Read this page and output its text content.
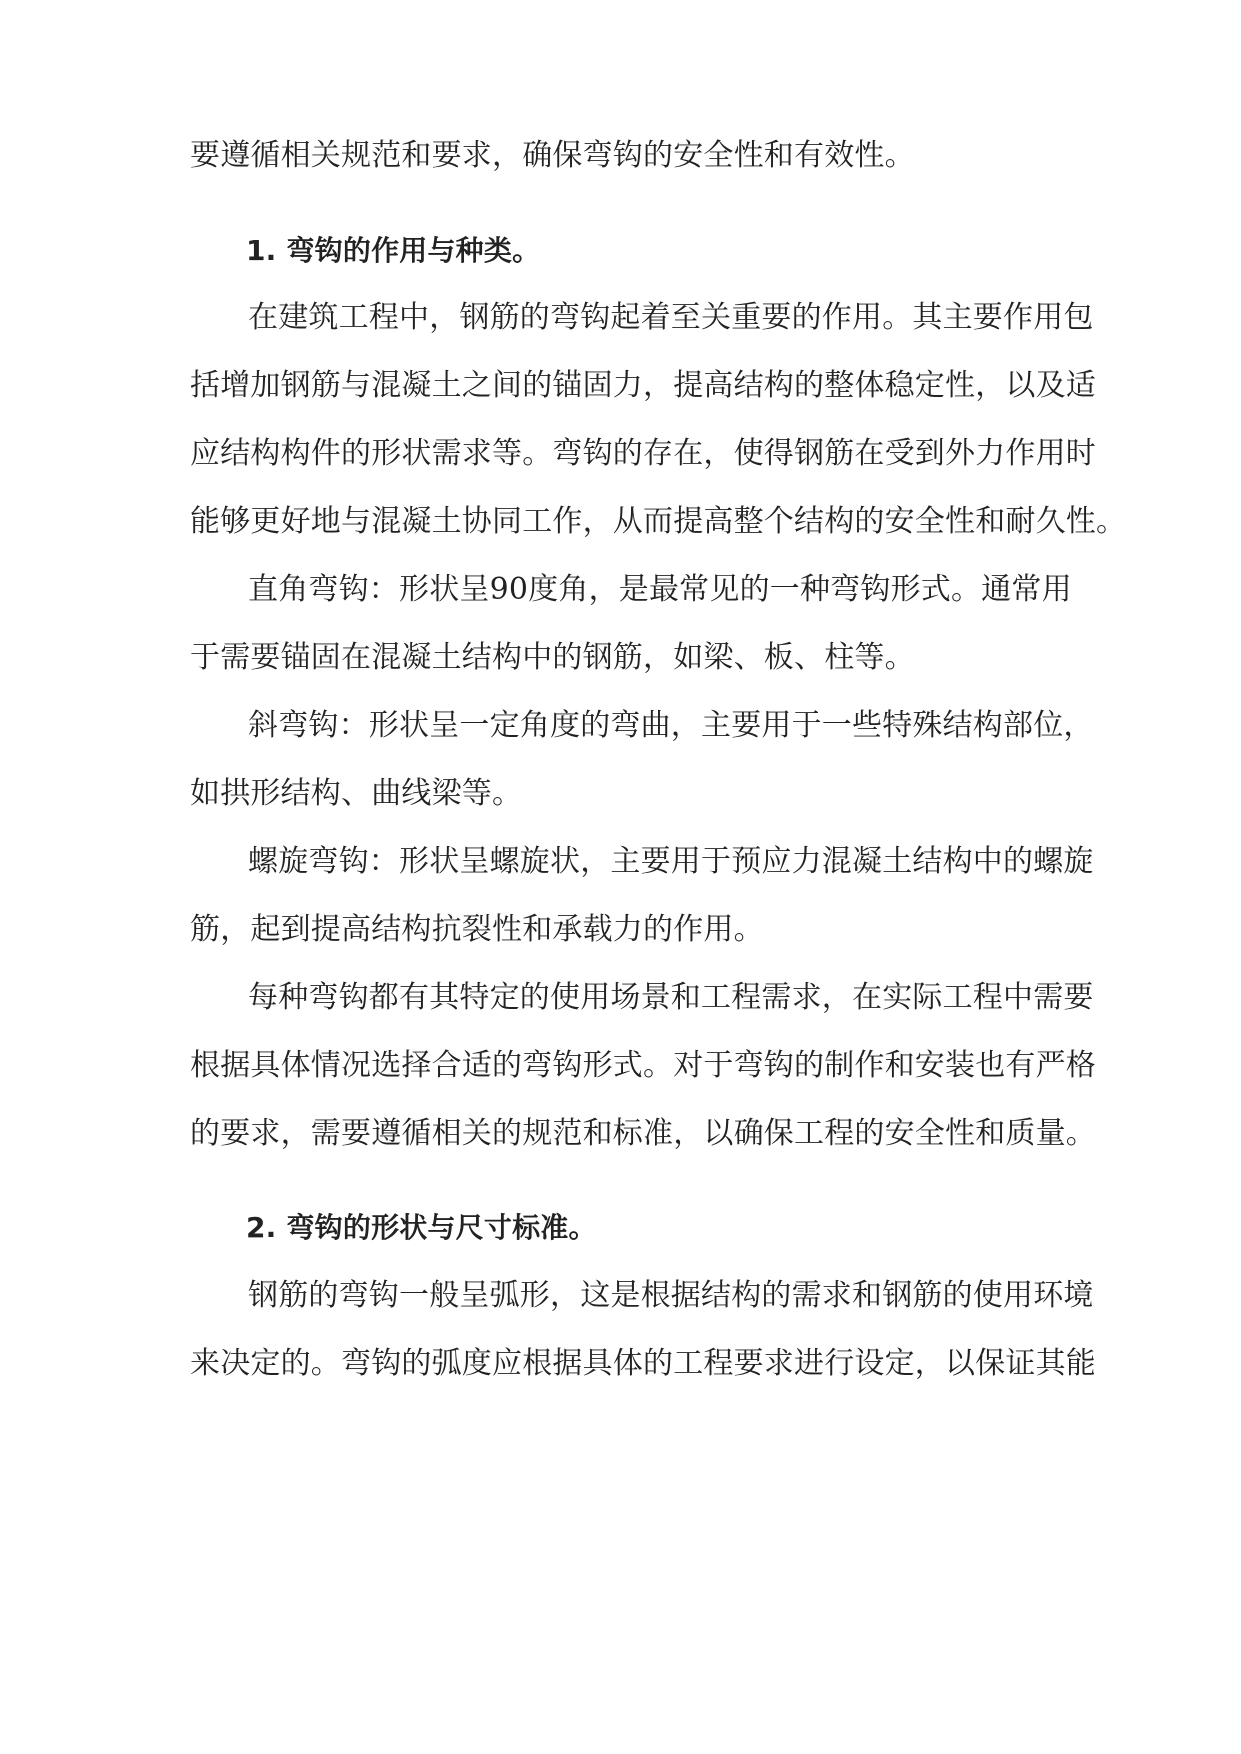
要遵循相关规范和要求，确保弯钩的安全性和有效性。
1. 弯钩的作用与种类。
在建筑工程中，钢筋的弯钩起着至关重要的作用。其主要作用包
括增加钢筋与混凝土之间的锚固力，提高结构的整体稳定性，以及适
应结构构件的形状需求等。弯钩的存在，使得钢筋在受到外力作用时
能够更好地与混凝土协同工作，从而提高整个结构的安全性和耐久性。
直角弯钩：形状呈90度角，是最常见的一种弯钩形式。通常用
于需要锚固在混凝土结构中的钢筋，如梁、板、柱等。
斜弯钩：形状呈一定角度的弯曲，主要用于一些特殊结构部位，
如拱形结构、曲线梁等。
螺旋弯钩：形状呈螺旋状，主要用于预应力混凝土结构中的螺旋
筋，起到提高结构抗裂性和承载力的作用。
每种弯钩都有其特定的使用场景和工程需求，在实际工程中需要
根据具体情况选择合适的弯钩形式。对于弯钩的制作和安装也有严格
的要求，需要遵循相关的规范和标准，以确保工程的安全性和质量。
2. 弯钩的形状与尺寸标准。
钢筋的弯钩一般呈弧形，这是根据结构的需求和钢筋的使用环境
来决定的。弯钩的弧度应根据具体的工程要求进行设定，以保证其能
